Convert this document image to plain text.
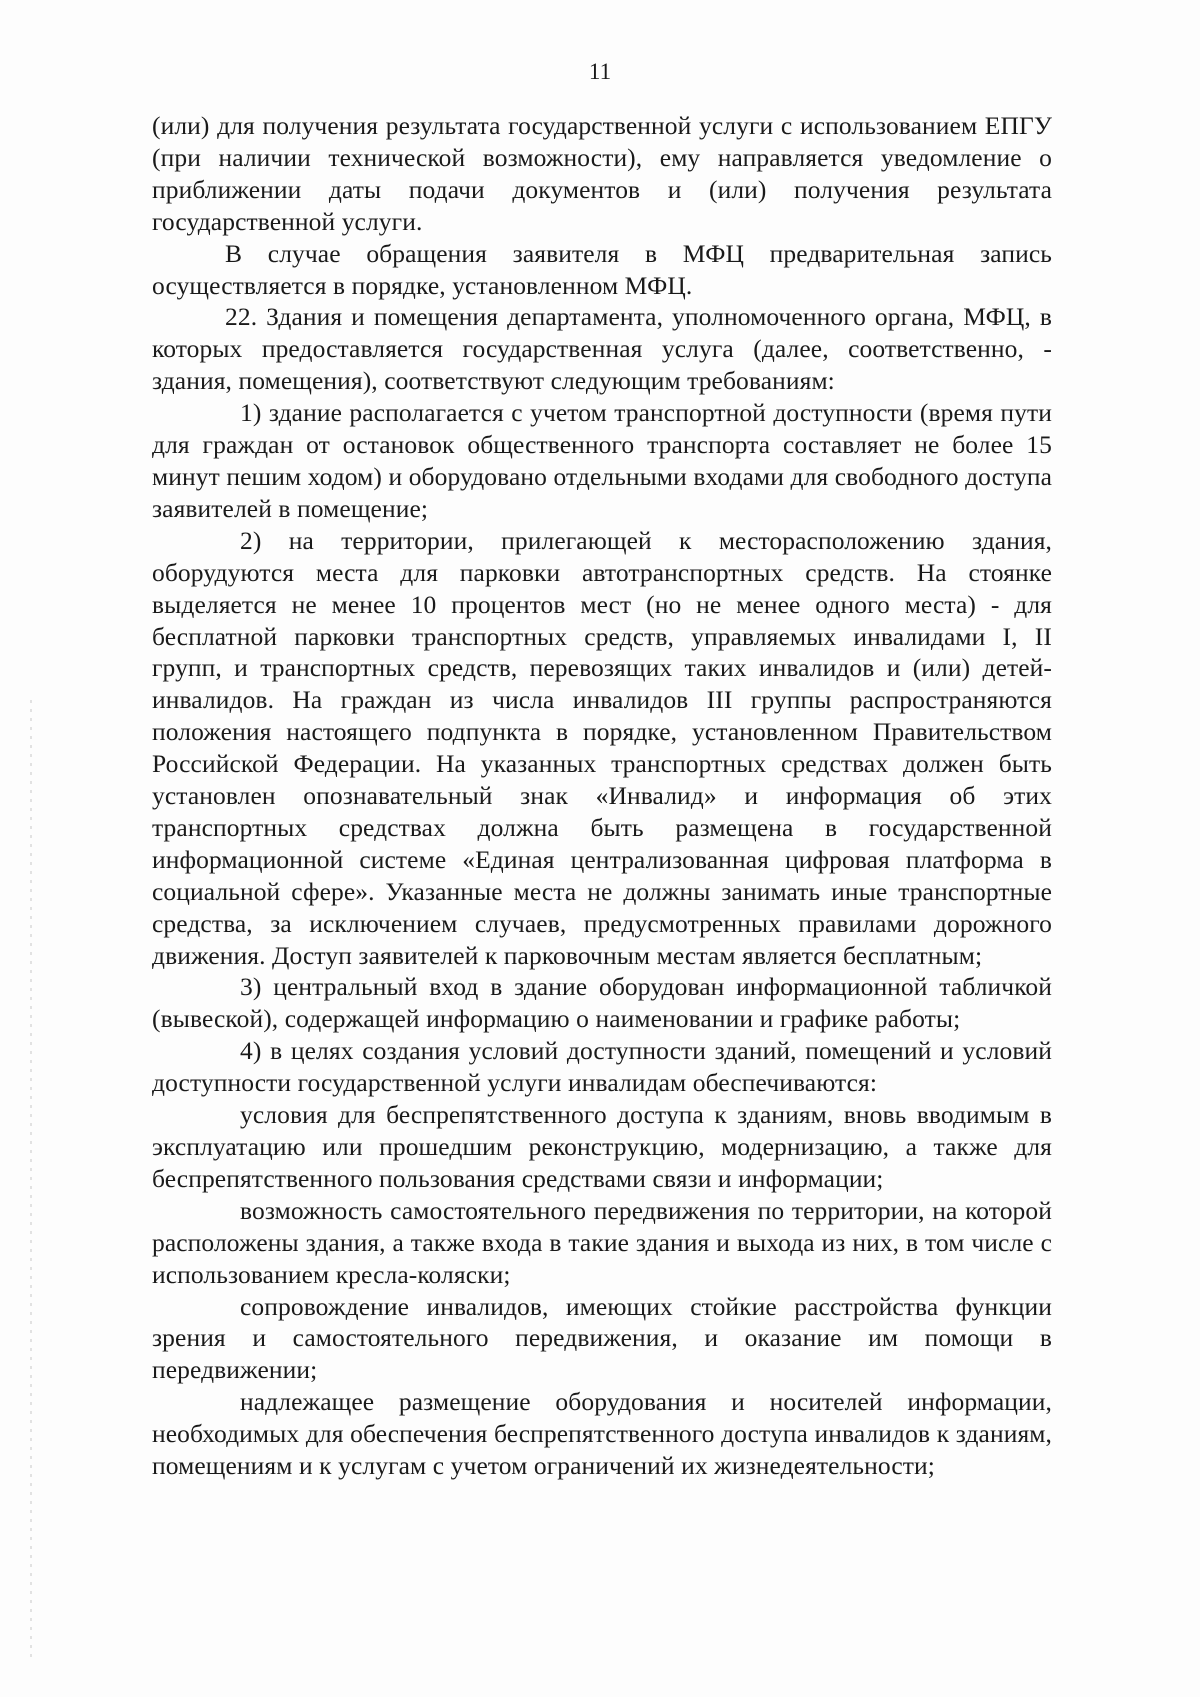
11

(или) для получения результата государственной услуги с использованием ЕПГУ (при наличии технической возможности), ему направляется уведомление о приближении даты подачи документов и (или) получения результата государственной услуги.

В случае обращения заявителя в МФЦ предварительная запись осуществляется в порядке, установленном МФЦ.

22. Здания и помещения департамента, уполномоченного органа, МФЦ, в которых предоставляется государственная услуга (далее, соответственно, - здания, помещения), соответствуют следующим требованиям:

1) здание располагается с учетом транспортной доступности (время пути для граждан от остановок общественного транспорта составляет не более 15 минут пешим ходом) и оборудовано отдельными входами для свободного доступа заявителей в помещение;

2) на территории, прилегающей к месторасположению здания, оборудуются места для парковки автотранспортных средств. На стоянке выделяется не менее 10 процентов мест (но не менее одного места) - для бесплатной парковки транспортных средств, управляемых инвалидами I, II групп, и транспортных средств, перевозящих таких инвалидов и (или) детей-инвалидов. На граждан из числа инвалидов III группы распространяются положения настоящего подпункта в порядке, установленном Правительством Российской Федерации. На указанных транспортных средствах должен быть установлен опознавательный знак «Инвалид» и информация об этих транспортных средствах должна быть размещена в государственной информационной системе «Единая централизованная цифровая платформа в социальной сфере». Указанные места не должны занимать иные транспортные средства, за исключением случаев, предусмотренных правилами дорожного движения. Доступ заявителей к парковочным местам является бесплатным;

3) центральный вход в здание оборудован информационной табличкой (вывеской), содержащей информацию о наименовании и графике работы;

4) в целях создания условий доступности зданий, помещений и условий доступности государственной услуги инвалидам обеспечиваются:

условия для беспрепятственного доступа к зданиям, вновь вводимым в эксплуатацию или прошедшим реконструкцию, модернизацию, а также для беспрепятственного пользования средствами связи и информации;

возможность самостоятельного передвижения по территории, на которой расположены здания, а также входа в такие здания и выхода из них, в том числе с использованием кресла-коляски;

сопровождение инвалидов, имеющих стойкие расстройства функции зрения и самостоятельного передвижения, и оказание им помощи в передвижении;

надлежащее размещение оборудования и носителей информации, необходимых для обеспечения беспрепятственного доступа инвалидов к зданиям, помещениям и к услугам с учетом ограничений их жизнедеятельности;
